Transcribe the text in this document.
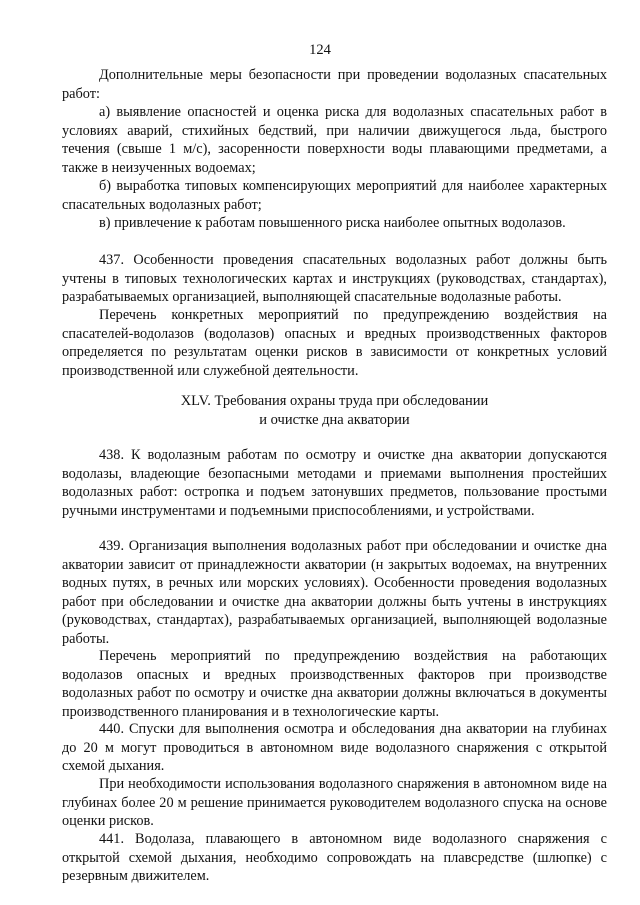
124

Дополнительные меры безопасности при проведении водолазных спасательных работ:

а) выявление опасностей и оценка риска для водолазных спасательных работ в условиях аварий, стихийных бедствий, при наличии движущегося льда, быстрого течения (свыше 1 м/с), засоренности поверхности воды плавающими предметами, а также в неизученных водоемах;

б) выработка типовых компенсирующих мероприятий для наиболее характерных спасательных водолазных работ;

в) привлечение к работам повышенного риска наиболее опытных водолазов.

437. Особенности проведения спасательных водолазных работ должны быть учтены в типовых технологических картах и инструкциях (руководствах, стандартах), разрабатываемых организацией, выполняющей спасательные водолазные работы.

Перечень конкретных мероприятий по предупреждению воздействия на спасателей-водолазов (водолазов) опасных и вредных производственных факторов определяется по результатам оценки рисков в зависимости от конкретных условий производственной или служебной деятельности.

XLV. Требования охраны труда при обследовании
и очистке дна акватории

438. К водолазным работам по осмотру и очистке дна акватории допускаются водолазы, владеющие безопасными методами и приемами выполнения простейших водолазных работ: остропка и подъем затонувших предметов, пользование простыми ручными инструментами и подъемными приспособлениями, и устройствами.

439. Организация выполнения водолазных работ при обследовании и очистке дна акватории зависит от принадлежности акватории (н закрытых водоемах, на внутренних водных путях, в речных или морских условиях). Особенности проведения водолазных работ при обследовании и очистке дна акватории должны быть учтены в инструкциях (руководствах, стандартах), разрабатываемых организацией, выполняющей водолазные работы.

Перечень мероприятий по предупреждению воздействия на работающих водолазов опасных и вредных производственных факторов при производстве водолазных работ по осмотру и очистке дна акватории должны включаться в документы производственного планирования и в технологические карты.

440. Спуски для выполнения осмотра и обследования дна акватории на глубинах до 20 м могут проводиться в автономном виде водолазного снаряжения с открытой схемой дыхания.

При необходимости использования водолазного снаряжения в автономном виде на глубинах более 20 м решение принимается руководителем водолазного спуска на основе оценки рисков.

441. Водолаза, плавающего в автономном виде водолазного снаряжения с открытой схемой дыхания, необходимо сопровождать на плавсредстве (шлюпке) с резервным движителем.
